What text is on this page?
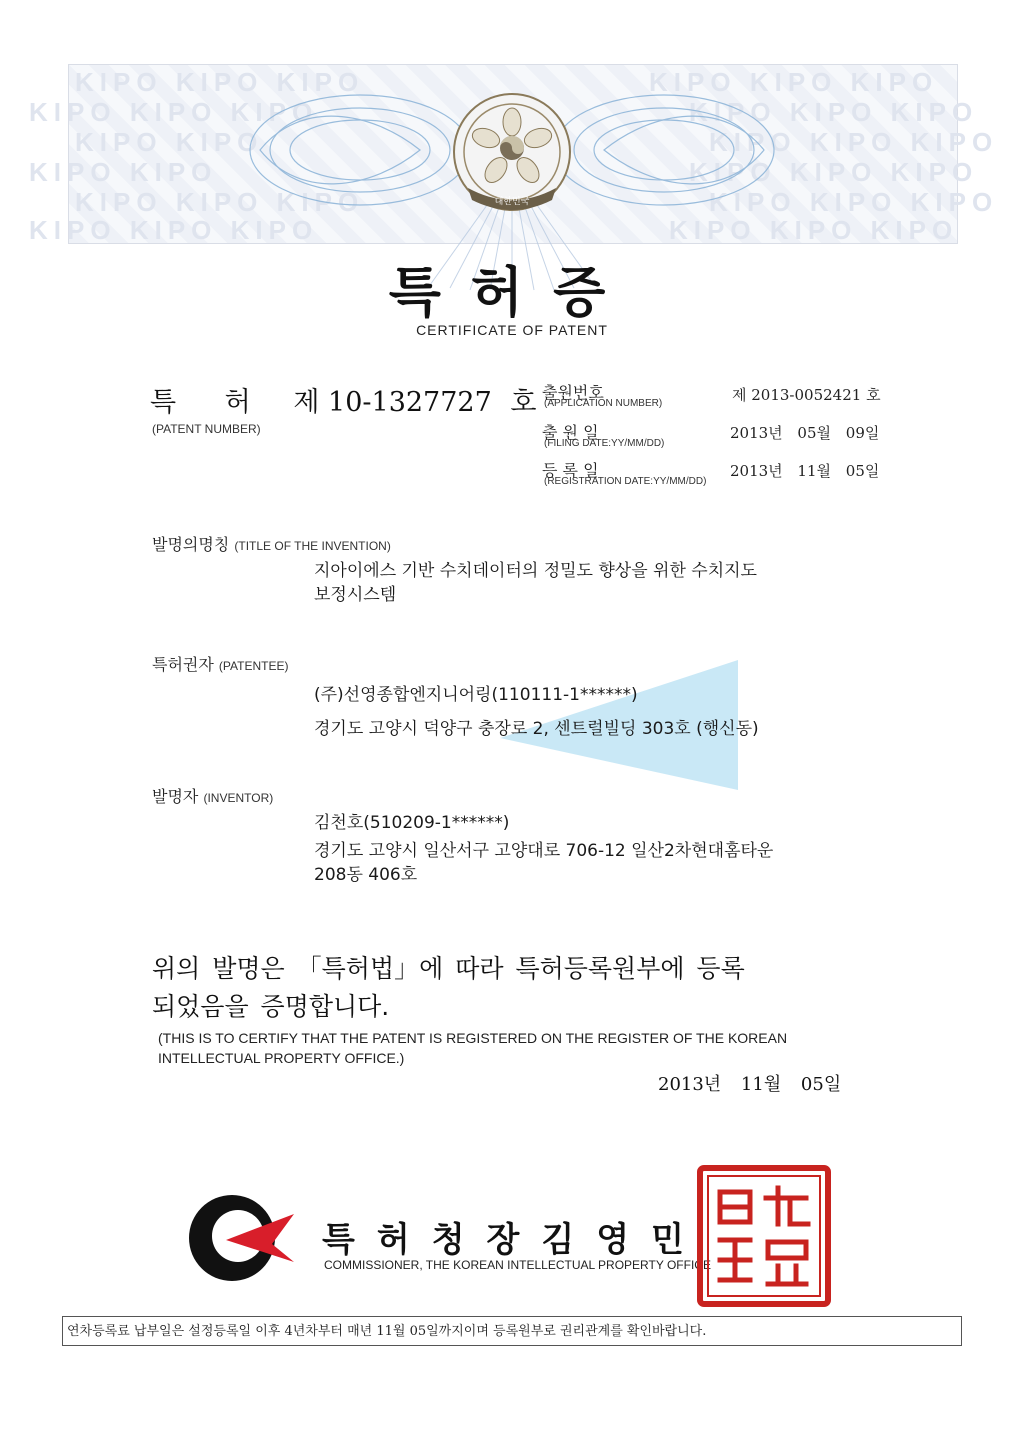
KIPO KIPO KIPO
KIPO KIPO KIPO
KIPO KIPO
KIPO KIPO
KIPO KIPO KIPO
KIPO KIPO KIPO
KIPO KIPO KIPO
KIPO KIPO KIPO
KIPO KIPO KIPO
KIPO KIPO KIPO
KIPO KIPO KIPO
KIPO KIPO KIPO
대한민국
특허증
CERTIFICATE OF PATENT
특 허 제 10-1327727 호
(PATENT NUMBER)
출원번호
(APPLICATION NUMBER)	제 2013-0052421 호
출 원 일
(FILING DATE:YY/MM/DD)
2013년 05월 09일
등 록 일
(REGISTRATION DATE:YY/MM/DD)
2013년 11월 05일
발명의명칭 (TITLE OF THE INVENTION)
지아이에스 기반 수치데이터의 정밀도 향상을 위한 수치지도
보정시스템
특허권자 (PATENTEE)
(주)선영종합엔지니어링(110111-1******)
경기도 고양시 덕양구 충장로 2, 센트럴빌딩 303호 (행신동)
발명자 (INVENTOR)
김천호(510209-1******)
경기도 고양시 일산서구 고양대로 706-12 일산2차현대홈타운
208동 406호
위의 발명은 「특허법」에 따라 특허등록원부에 등록
되었음을 증명합니다.
(THIS IS TO CERTIFY THAT THE PATENT IS REGISTERED ON THE REGISTER OF THE KOREAN
INTELLECTUAL PROPERTY OFFICE.)
2013년 11월 05일
특허청장김영민
COMMISSIONER, THE KOREAN INTELLECTUAL PROPERTY OFFICE
연차등록료 납부일은 설정등록일 이후 4년차부터 매년 11월 05일까지이며 등록원부로 권리관계를 확인바랍니다.
